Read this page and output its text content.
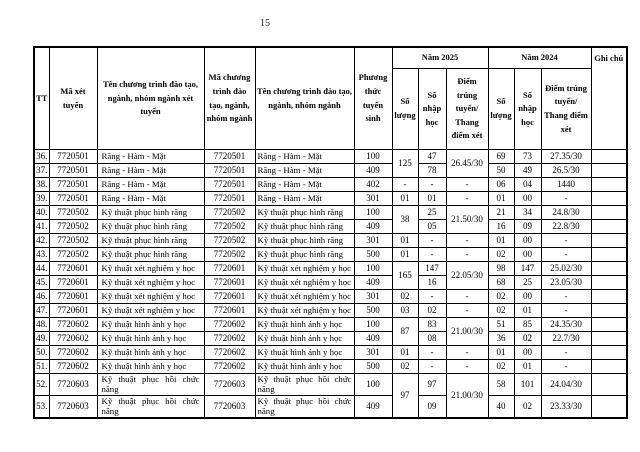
15
TT	Mã xét tuyển	Tên chương trình đào tạo, ngành, nhóm ngành xét tuyển	Mã chương trình đào tạo, ngành, nhóm ngành	Tên chương trình đào tạo, ngành, nhóm ngành	Phương thức tuyển sinh	Năm 2025			Năm 2024			Ghi chú
						Số lượng	Số nhập học	Điểm trúng tuyển/ Thang điểm xét	Số lượng	Số nhập học	Điểm trúng tuyển/ Thang điểm xét	
36.	7720501	Răng - Hàm - Mặt	7720501	Răng - Hàm - Mặt	100	125	47	26.45/30	69	73	27.35/30	
37.	7720501	Răng - Hàm - Mặt	7720501	Răng - Hàm - Mặt	409		78		50	49	26.5/30	
38.	7720501	Răng - Hàm - Mặt	7720501	Răng - Hàm - Mặt	402	-	-	-	06	04	1440	
39.	7720501	Răng - Hàm - Mặt	7720501	Răng - Hàm - Mặt	301	01	01	-	01	00	-	
40.	7720502	Kỹ thuật phục hình răng	7720502	Kỹ thuật phục hình răng	100	38	25	21.50/30	21	34	24.8/30	
41.	7720502	Kỹ thuật phục hình răng	7720502	Kỹ thuật phục hình răng	409		05		16	09	22.8/30	
42.	7720502	Kỹ thuật phục hình răng	7720502	Kỹ thuật phục hình răng	301	01	-	-	01	00	-	
43.	7720502	Kỹ thuật phục hình răng	7720502	Kỹ thuật phục hình răng	500	01	-	-	02	00	-	
44.	7720601	Kỹ thuật xét nghiệm y học	7720601	Kỹ thuật xét nghiệm y học	100	165	147	22.05/30	98	147	25.02/30	
45.	7720601	Kỹ thuật xét nghiệm y học	7720601	Kỹ thuật xét nghiệm y học	409		16		68	25	23.05/30	
46.	7720601	Kỹ thuật xét nghiệm y học	7720601	Kỹ thuật xét nghiệm y học	301	02	-	-	02	00	-	
47.	7720601	Kỹ thuật xét nghiệm y học	7720601	Kỹ thuật xét nghiệm y học	500	03	02	-	02	01	-	
48.	7720602	Kỹ thuật hình ảnh y học	7720602	Kỹ thuật hình ảnh y học	100	87	83	21.00/30	51	85	24.35/30	
49.	7720602	Kỹ thuật hình ảnh y học	7720602	Kỹ thuật hình ảnh y học	409		08		36	02	22.7/30	
50.	7720602	Kỹ thuật hình ảnh y học	7720602	Kỹ thuật hình ảnh y học	301	01	-	-	01	00	-	
51.	7720602	Kỹ thuật hình ảnh y học	7720602	Kỹ thuật hình ảnh y học	500	02	-	-	02	01	-	
52.	7720603	Kỹ thuật phục hồi chức năng	7720603	Kỹ thuật phục hồi chức năng	100	97	97	21.00/30	58	101	24.04/30	
53.	7720603	Kỹ thuật phục hồi chức năng	7720603	Kỹ thuật phục hồi chức năng	409		09		40	02	23.33/30	
